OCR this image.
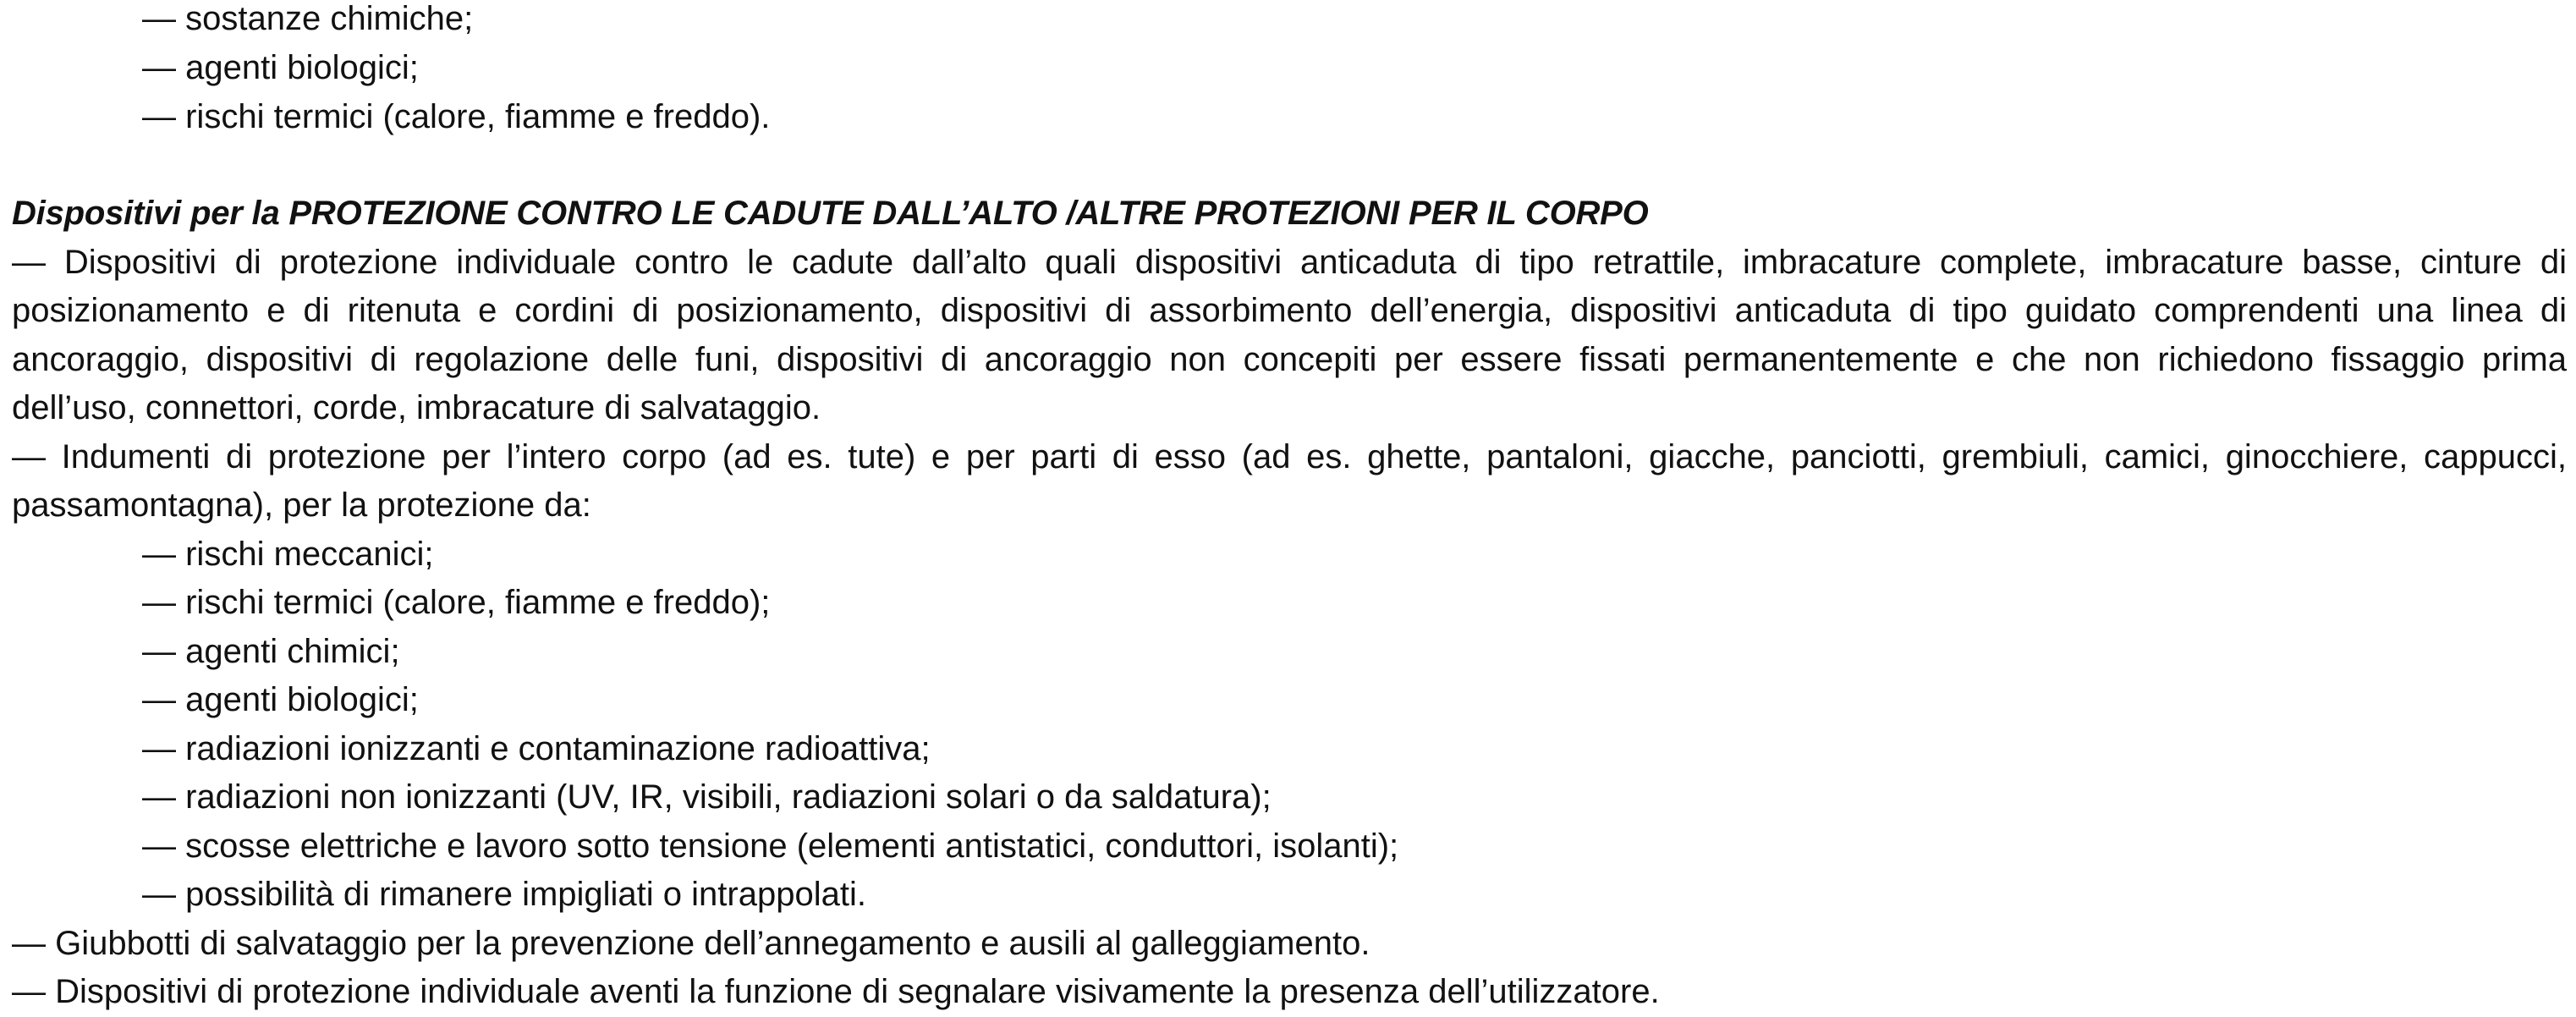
— sostanze chimiche;
— agenti biologici;
— rischi termici (calore, fiamme e freddo).
Dispositivi per la PROTEZIONE CONTRO LE CADUTE DALL’ALTO /ALTRE PROTEZIONI PER IL CORPO
— Dispositivi di protezione individuale contro le cadute dall’alto quali dispositivi anticaduta di tipo retrattile, imbracature complete, imbracature basse, cinture di
posizionamento e di ritenuta e cordini di posizionamento, dispositivi di assorbimento dell’energia, dispositivi anticaduta di tipo guidato comprendenti una linea di
ancoraggio, dispositivi di regolazione delle funi, dispositivi di ancoraggio non concepiti per essere fissati permanentemente e che non richiedono fissaggio prima
dell’uso, connettori, corde, imbracature di salvataggio.
— Indumenti di protezione per l’intero corpo (ad es. tute) e per parti di esso (ad es. ghette, pantaloni, giacche, panciotti, grembiuli, camici, ginocchiere, cappucci,
passamontagna), per la protezione da:
— rischi meccanici;
— rischi termici (calore, fiamme e freddo);
— agenti chimici;
— agenti biologici;
— radiazioni ionizzanti e contaminazione radioattiva;
— radiazioni non ionizzanti (UV, IR, visibili, radiazioni solari o da saldatura);
— scosse elettriche e lavoro sotto tensione (elementi antistatici, conduttori, isolanti);
— possibilità di rimanere impigliati o intrappolati.
— Giubbotti di salvataggio per la prevenzione dell’annegamento e ausili al galleggiamento.
— Dispositivi di protezione individuale aventi la funzione di segnalare visivamente la presenza dell’utilizzatore.
